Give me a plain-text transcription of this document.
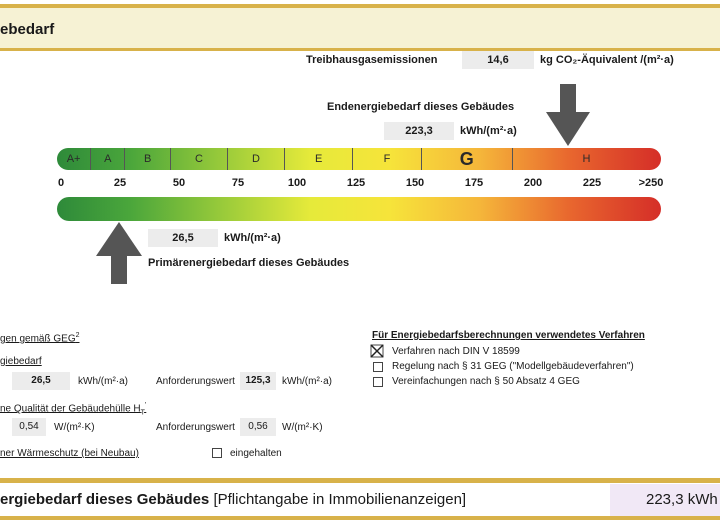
ebedarf
Treibhausgasemissionen	14,6	kg CO₂-Äquivalent /(m²·a)
Endenergiebedarf dieses Gebäudes
223,3	kWh/(m²·a)
A+	A	B	C	D	E	F	G	H
0	25	50	75	100	125	150	175	200	225	>250
26,5	kWh/(m²·a)
Primärenergiebedarf dieses Gebäudes
gen gemäß GEG$^2$
giebedarf
26,5	kWh/(m²·a)	Anforderungswert	125,3	kWh/(m²·a)
ne Qualität der Gebäudehülle $H_T'$
0,54	W/(m²·K)	Anforderungswert	0,56	W/(m²·K)
ner Wärmeschutz (bei Neubau)	eingehalten
Für Energiebedarfsberechnungen verwendetes Verfahren
Verfahren nach DIN V 18599
Regelung nach § 31 GEG ("Modellgebäudeverfahren")
Vereinfachungen nach § 50 Absatz 4 GEG
ergiebedarf dieses Gebäudes [Pflichtangabe in Immobilienanzeigen]	223,3 kWh
